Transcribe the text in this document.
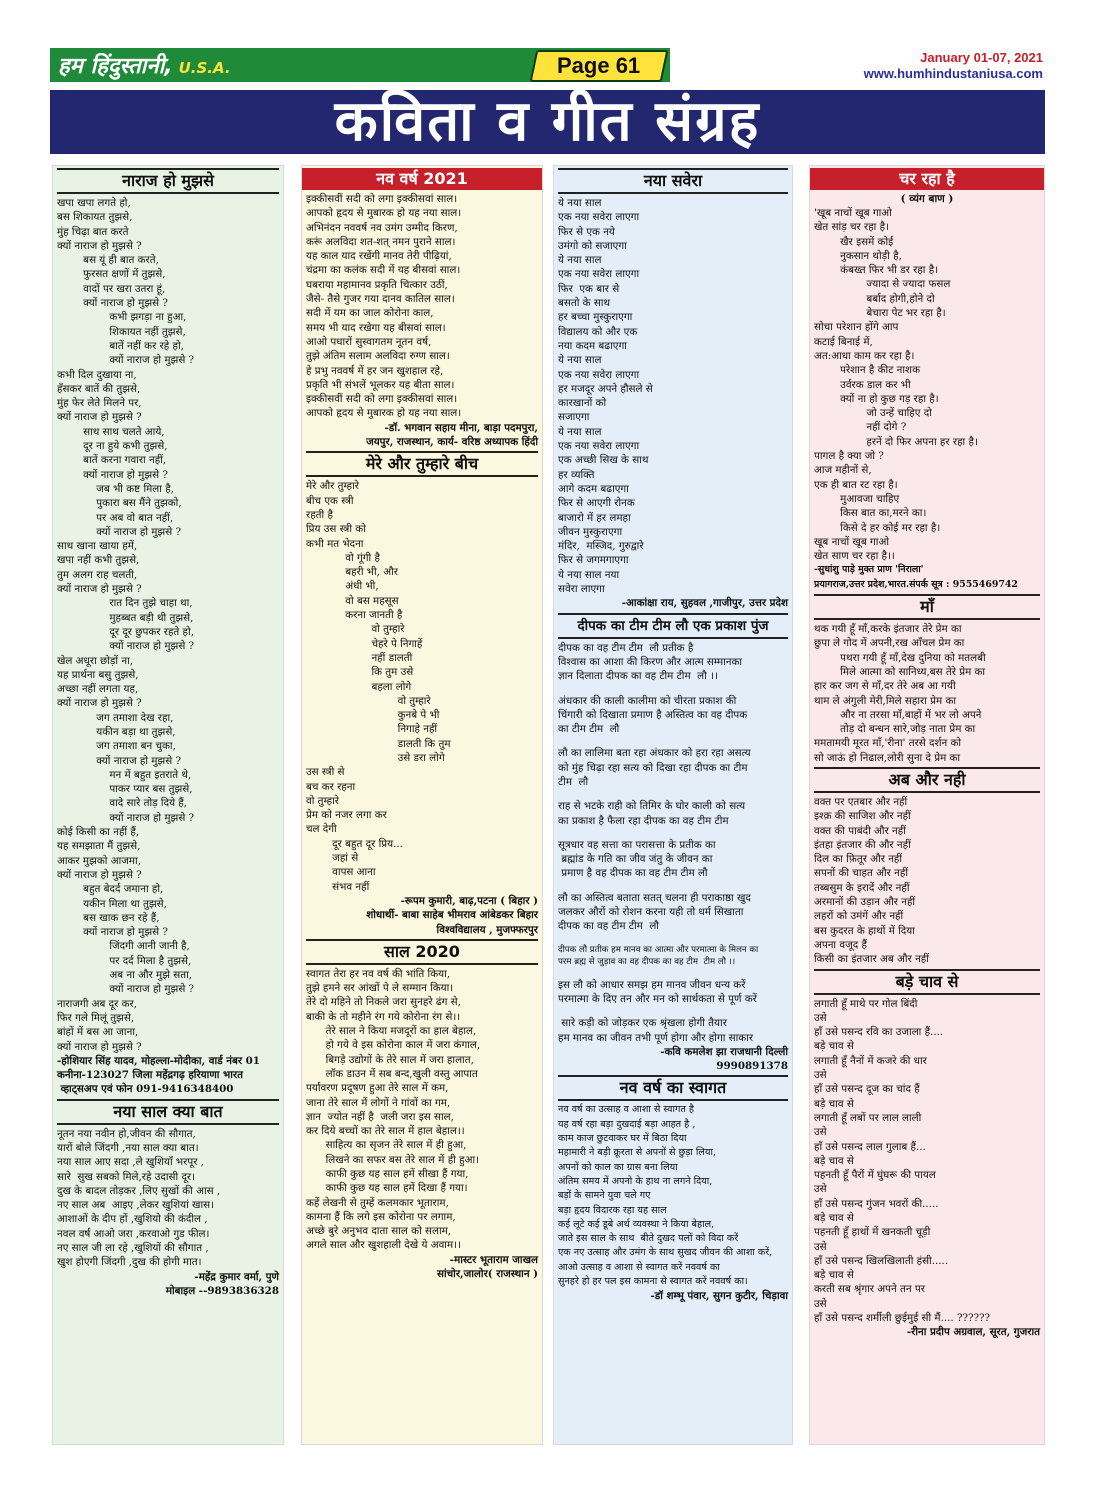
हम हिंदुस्तानी, U.S.A.	Page 61	January 01-07, 2021
www.humhindustaniusa.com
कविता व गीत संग्रह
नाराज हो मुझसे
खपा खपा लगते हो,
बस शिकायत तुझसे,
मुंह चिढ़ा बात करते
क्यों नाराज हो मुझसे ?
बस यूं ही बात करते,
फुरसत क्षणों में तुझसे,
वादों पर खरा उतरा हूं,
क्यों नाराज हो मुझसे ?
कभी झगड़ा ना हुआ,
शिकायत नहीं तुझसे,
बातें नहीं कर रहे हो,
क्यों नाराज हो मुझसे ?
कभी दिल दुखाया ना,
हँसकर बातें की तुझसे,
मुंह फेर लेते मिलने पर,
क्यों नाराज हो मुझसे ?
साथ साथ चलते आये,
दूर ना हुये कभी तुझसे,
बातें करना गवारा नहीं,
क्यों नाराज हो मुझसे ?
जब भी कष्ट मिला है,
पुकारा बस मैंने तुझको,
पर अब वो बात नहीं,
क्यों नाराज हो मुझसे ?
साथ खाना खाया हमें,
खपा नहीं कभी तुझसे,
तुम अलग राह चलती,
क्यों नाराज हो मुझसे ?
रात दिन तुझे चाहा था,
मुहब्बत बड़ी थी तुझसे,
दूर दूर छुपकर रहते हो,
क्यों नाराज हो मुझसे ?
खेल अधूरा छोड़ों ना,
यह प्रार्थना बसु तुझसे,
अच्छा नहीं लगता यह,
क्यों नाराज हो मुझसे ?
जग तमाशा देख रहा,
यकीन बड़ा था तुझसे,
जग तमाशा बन चुका,
क्यों नाराज हो मुझसे ?
मन में बहुत इतराते थे,
पाकर प्यार बस तुझसे,
वादे सारे तोड़ दिये हैं,
क्यों नाराज हो मुझसे ?
कोई किसी का नहीं हैं,
यह समझाता मैं तुझसे,
आकर मुझको आजमा,
क्यों नाराज हो मुझसे ?
बहुत बेदर्द जमाना हो,
यकीन मिला था तुझसे,
बस खाक छन रहे हैं,
क्यों नाराज हो मुझसे ?
जिंदगी आनी जानी है,
पर दर्द मिला है तुझसे,
अब ना और मुझे सता,
क्यों नाराज हो मुझसे ?
नाराजगी अब दूर कर,
फिर गले मिलूं तुझसे,
बांहों में बस आ जाना,
क्यों नाराज हो मुझसे ?
-होशियार सिंह यादव, मोहल्ला-मोदीका, वार्ड नंबर 01
कनीना-123027 जिला महेंद्रगढ़ हरियाणा भारत
व्हाट्सअप एवं फोन 091-9416348400
नया साल क्या बात
नूतन नया नवीन हो,जीवन की सौगात,
यारों बोले जिंदगी ,नया साल क्या बात।
नया साल आए सदा ,ले खुशियाँ भरपूर ,
सारे  सुख सबको मिले,रहे उदासी दूर।
दुख के बादल तोड़कर ,लिए सुखों की आस ,
नए साल अब  आइए ,लेकर खुशियां खास।
आशाओं के दीप हों ,खुशियो की कंदील ,
नवल वर्ष आओ जरा ,करवाओ गुड फील।
नए साल जी ला रहे ,खुशियों की सौगात ,
खुश होएगी जिंदगी ,दुख की होगी मात।
-महेंद्र कुमार वर्मा, पुणे
मोबाइल --9893836328
नव वर्ष 2021
इक्कीसवीं सदी को लगा इक्कीसवां साल।
आपको हृदय से मुबारक हो यह नया साल।
अभिनंदन नववर्ष नव उमंग उम्मीद किरण,
करूं अलविदा शत-शत् नमन पुराने साल।
यह काल याद रखेंगी मानव तेरी पीढ़ियां,
चंद्रमा का कलंक सदी में यह बीसवां साल।
घबराया महामानव प्रकृति चित्कार उठीं,
जैसे- तैसे गुजर गया दानव कातिल साल।
सदी में यम का जाल कोरोना काल,
समय भी याद रखेगा यह बीसवां साल।
आओ पधारों सुस्वागतम नूतन वर्ष,
तुझे अंतिम सलाम अलविदा रुग्ण साल।
हे प्रभु नववर्ष में हर जन खुशहाल रहे,
प्रकृति भी संभलें भूलकर यह बीता साल।
इक्कीसवीं सदी को लगा इक्कीसवां साल।
आपको हृदय से मुबारक हो यह नया साल।
-डॉ. भगवान सहाय मीना, बाड़ा पदमपुरा,
जयपुर, राजस्थान, कार्य- वरिष्ठ अध्यापक हिंदी
मेरे और तुम्हारे बीच
मेरे और तुम्हारे
बीच एक स्त्री
रहती है
प्रिय उस स्त्री को
कभी मत भेदना
वो गूंगी है
बहरी भी, और
अंधी भी,
वो बस महसूस
करना जानती है
वो तुम्हारे
चेहरे पे निगाहें
नहीं डालती
कि तुम उसे
बहला लोगे
वो तुम्हारे
कुनबे पे भी
निगाहे नहीं
डालती कि तुम
उसे डरा लोगे
उस स्त्री से
बच कर रहना
वो तुम्हारे
प्रेम को नजर लगा कर
चल देगी
दूर बहुत दूर प्रिय...
जहां से
वापस आना
संभव नहीं
-रूपम कुमारी, बाढ़,पटना ( बिहार )
शोधार्थी- बाबा साहेब भीमराव आंबेडकर बिहार
विश्वविद्यालय , मुजफ्फरपुर
साल 2020
स्वागत तेरा हर नव वर्ष की भांति किया,
तुझे हमने सर आंखों पे ले सम्मान किया।
तेरे दो महिने तो निकले जरा सुनहरे ढंग से,
बाकी के तो महीने रंग गये कोरोना रंग से।।
तेरे साल ने किया मजदूरों का हाल बेहाल,
हो गये वे इस कोरोना काल में जरा कंगाल,
बिगड़े उद्योगों के तेरे साल में जरा हालात,
लॉक डाउन में सब बन्द,खुली वस्तु आपात
पर्यावरण प्रदूषण हुआ तेरे साल में कम,
जाना तेरे साल में लोगों ने गांवों का गम,
ज्ञान  ज्योत नहीं है  जली जरा इस साल,
कर दिये बच्चों का तेरे साल में हाल बेहाल।।
साहित्य का सृजन तेरे साल में ही हुआ,
लिखने का सफर बस तेरे साल में ही हुआ।
काफी कुछ यह साल हमें सीखा हैं गया,
काफी कुछ यह साल हमें दिखा हैं गया।
कहें लेखनी से तुम्हें कलमकार भूताराम,
कामना हैं कि लगे इस कोरोना पर लगाम,
अच्छे बुरे अनुभव दाता साल को सलाम,
अगले साल और खुशहाली देखे ये अवाम।।
-मास्टर भूताराम जाखल
सांचोर,जालोर( राजस्थान )
नया सवेरा
ये नया साल
एक नया सवेरा लाएगा
फिर से एक नये
उमंगो को सजाएगा
ये नया साल
एक नया सवेरा लाएगा
फिर  एक बार से
बसतो के साथ
हर बच्चा मुस्कुराएगा
विद्यालय को और एक
नया कदम बढाएगा
ये नया साल
एक नया सवेरा लाएगा
हर मजदूर अपने हौसले से
कारखानों को
सजाएगा
ये नया साल
एक नया सवेरा लाएगा
एक अच्छी सिख के साथ
हर व्यक्ति
आगे कदम बढाएगा
फिर से आएगी रोनक
बाजारो में हर लमहा
जीवन मुस्कुराएगा
मंदिर,  मस्जिद, गुरुद्वारे
फिर से जगमगाएगा
ये नया साल नया
सवेरा लाएगा
-आकांक्षा राय, सुहवल ,गाजीपुर, उत्तर प्रदेश
दीपक का टीम टीम लौ एक प्रकाश पुंज
दीपक का वह टीम टीम  लौ प्रतीक है
विश्वास का आशा की किरण और आत्म सम्मानका
ज्ञान दिलाता दीपक का वह टीम टीम  लौ ।।
अंधकार की काली कालीमा को चीरता प्रकाश की
चिंगारी को दिखाता प्रमाण है अस्तित्व का वह दीपक
का टीम टीम  लौ
लौ का लालिमा बता रहा अंधकार को हरा रहा असत्य
को मुंह चिढ़ा रहा सत्य को दिखा रहा दीपक का टीम
टीम  लौ
राह से भटके राही को तिमिर के घोर काली को सत्य
का प्रकाश है फैला रहा दीपक का वह टीम टीम
सूत्रधार वह सत्ता का परासत्ता के प्रतीक का
ब्रह्मांड के गति का जीव जंतु के जीवन का
प्रमाण है वह दीपक का वह टीम टीम लौ
लौ का अस्तित्व बताता सतत् चलना ही पराकाष्ठा खुद
जलकर औरों को रोशन करना यही तो धर्म सिखाता
दीपक का वह टीम टीम  लौ
दीपक लौ प्रतीक हम मानव का आत्मा और परमात्मा के मिलन का
परम ब्रह्म से जुड़ाव का वह दीपक का वह टीम  टीम लौ ।।
इस लौ को आधार समझ हम मानव जीवन धन्य करें
परमात्मा के दिए तन और मन को सार्थकता से पूर्ण करें
सारे कड़ी को जोड़कर एक श्रृंखला होगी तैयार
हम मानव का जीवन तभी पूर्ण होगा और होगा साकार
-कवि कमलेश झा राजधानी दिल्ली
9990891378
नव वर्ष का स्वागत
नव वर्ष का उत्साह व आशा से स्वागत है
यह वर्ष रहा बड़ा दुखदाई बड़ा आहत है ,
काम काज छुटवाकर घर में बिठा दिया
महामारी ने बड़ी क्रूरता से अपनों से छुड़ा लिया,
अपनों को काल का ग्रास बना लिया
अंतिम समय में अपनो के हाथ ना लगने दिया,
बड़ों के सामने युवा चले गए
बड़ा हृदय विदारक रहा यह साल
कई लूटे कई डूबे अर्थ व्यवस्था ने किया बेहाल,
जाते इस साल के साथ  बीते दुखद पलों को विदा करें
एक नए उत्साह और उमंग के साथ सुखद जीवन की आशा करें,
आओ उत्साह व आशा से स्वागत करें नववर्ष का
सुनहरे हो हर पल इस कामना से स्वागत करें नववर्ष का।
-डॉ शम्भू पंवार, सुगन कुटीर, चिड़ावा
चर रहा है
( व्यंग बाण )
'खूब नाचों खूब गाओ
खेत सांड़ चर रहा है।
खैर इसमें कोई
नुकसान थोड़ी है,
कंबख्त फिर भी डर रहा है।
ज्यादा से ज्यादा फसल
बर्बाद होगी,होने दो
बेचारा पेट भर रहा है।
सोचा परेशान होंगे आप
कटाई बिनाई में,
अत:आधा काम कर रहा है।
परेशान है कीट नाशक
उर्वरक डाल कर भी
क्यों ना हो कुछ गड़ रहा है।
जो उन्हें चाहिए दो
नहीं दोगे ?
हरनें दो फिर अपना हर रहा है।
पागल है क्या जो ?
आज महीनों से,
एक ही बात रट रहा है।
मुआवजा चाहिए
किस बात का,मरने का।
किसे दे हर कोई मर रहा है।
खूब नाचों खूब गाओ
खेत साण चर रहा है।।
-सुधांशु पाड़े मुक्त प्राण 'निराला'
प्रयागराज,उत्तर प्रदेश,भारत.संपर्क सूत्र : 9555469742
माँ
थक गयी हूँ माँ,करके इंतजार तेरे प्रेम का
छुपा ले गोद में अपनी,रख आँचल प्रेम का
पथरा गयी हूँ माँ,देख दुनिया को मतलबी
मिले आत्मा को सानिध्य,बस तेरे प्रेम का
हार कर जग से माँ,दर तेरे अब आ गयी
थाम ले अंगुली मेरी,मिले सहारा प्रेम का
और ना तरसा माँ,बाहों में भर लो अपने
तोड़ दो बन्धन सारे,जोड़ नाता प्रेम का
ममतामयी मूरत माँ,'रीना' तरसे दर्शन को
सो जाऊं हो निढाल,लोरी सुना दे प्रेम का
अब और नही
वक्त पर एतबार और नहीं
इश्क़ की साजिश और नहीं
वक्त की पाबंदी और नहीं
इंतहा इंतजार की और नहीं
दिल का फ़ितूर और नहीं
सपनों की चाहत और नहीं
तब्बसुम के इरादें और नहीं
अरमानों की उड़ान और नहीं
लहरों को उमंगें और नहीं
बस कुदरत के हाथों में दिया
अपना वजूद हैं
किसी का इंतजार अब और नहीं
बड़े चाव से
लगाती हूँ माथे पर गोल बिंदी
उसे
हाँ उसे पसन्द रवि का उजाला हैं....
बड़े चाव से
लगाती हूँ नैनों में कजरे की धार
उसे
हाँ उसे पसन्द दूज का चांद हैं
बड़े चाव से
लगाती हूँ लबों पर लाल लाली
उसे
हाँ उसे पसन्द लाल गुलाब हैं...
बड़े चाव से
पहनती हूँ पैरों में घुंघरू की पायल
उसे
हाँ उसे पसन्द गुंजन भवरों की.....
बड़े चाव से
पहनती हूँ हाथों में खनकती चूड़ी
उसे
हाँ उसे पसन्द खिलखिलाती हंसी.....
बड़े चाव से
करती सब श्रृंगार अपने तन पर
उसे
हाँ उसे पसन्द शर्मीली छुईमुई सी मैं.... ??????
-रीना प्रदीप अग्रवाल, सूरत, गुजरात
